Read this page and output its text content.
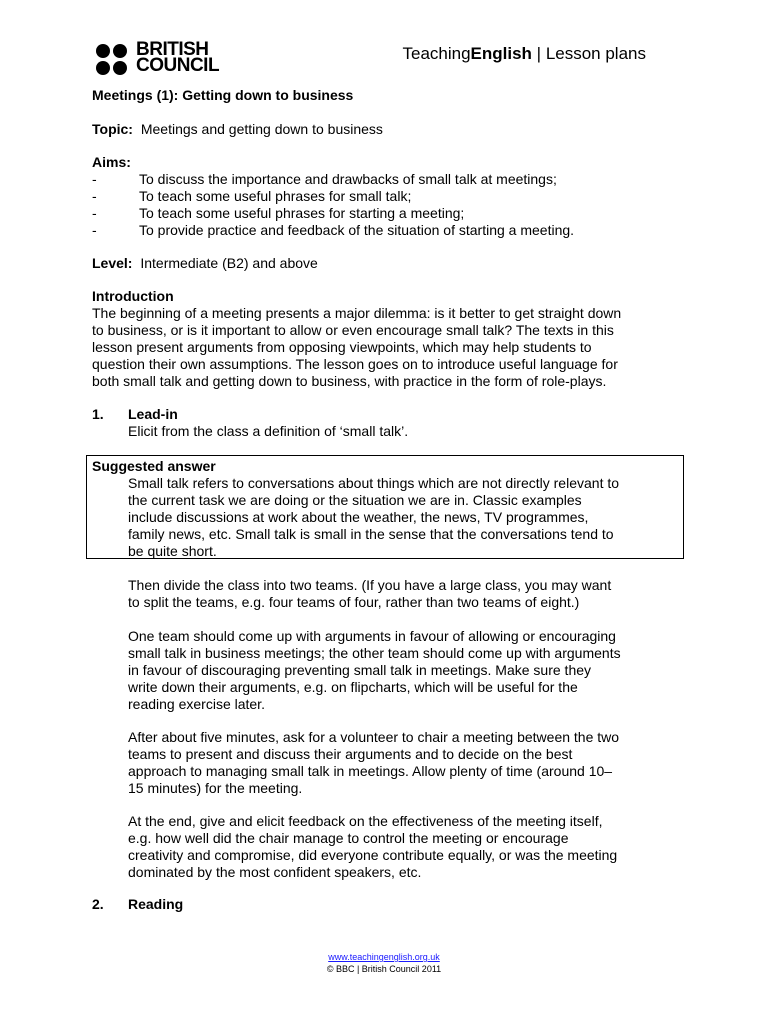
BRITISH
COUNCIL
TeachingEnglish | Lesson plans
Meetings (1): Getting down to business
Topic: Meetings and getting down to business
Aims:
-	To discuss the importance and drawbacks of small talk at meetings;
-	To teach some useful phrases for small talk;
-	To teach some useful phrases for starting a meeting;
-	To provide practice and feedback of the situation of starting a meeting.
Level: Intermediate (B2) and above
Introduction
The beginning of a meeting presents a major dilemma: is it better to get straight down
to business, or is it important to allow or even encourage small talk? The texts in this
lesson present arguments from opposing viewpoints, which may help students to
question their own assumptions. The lesson goes on to introduce useful language for
both small talk and getting down to business, with practice in the form of role-plays.
1. Lead-in
Elicit from the class a definition of ‘small talk’.
Suggested answer
Small talk refers to conversations about things which are not directly relevant to
the current task we are doing or the situation we are in. Classic examples
include discussions at work about the weather, the news, TV programmes,
family news, etc. Small talk is small in the sense that the conversations tend to
be quite short.
Then divide the class into two teams. (If you have a large class, you may want
to split the teams, e.g. four teams of four, rather than two teams of eight.)
One team should come up with arguments in favour of allowing or encouraging
small talk in business meetings; the other team should come up with arguments
in favour of discouraging preventing small talk in meetings. Make sure they
write down their arguments, e.g. on flipcharts, which will be useful for the
reading exercise later.
After about five minutes, ask for a volunteer to chair a meeting between the two
teams to present and discuss their arguments and to decide on the best
approach to managing small talk in meetings. Allow plenty of time (around 10–
15 minutes) for the meeting.
At the end, give and elicit feedback on the effectiveness of the meeting itself,
e.g. how well did the chair manage to control the meeting or encourage
creativity and compromise, did everyone contribute equally, or was the meeting
dominated by the most confident speakers, etc.
2. Reading
www.teachingenglish.org.uk
© BBC | British Council 2011
